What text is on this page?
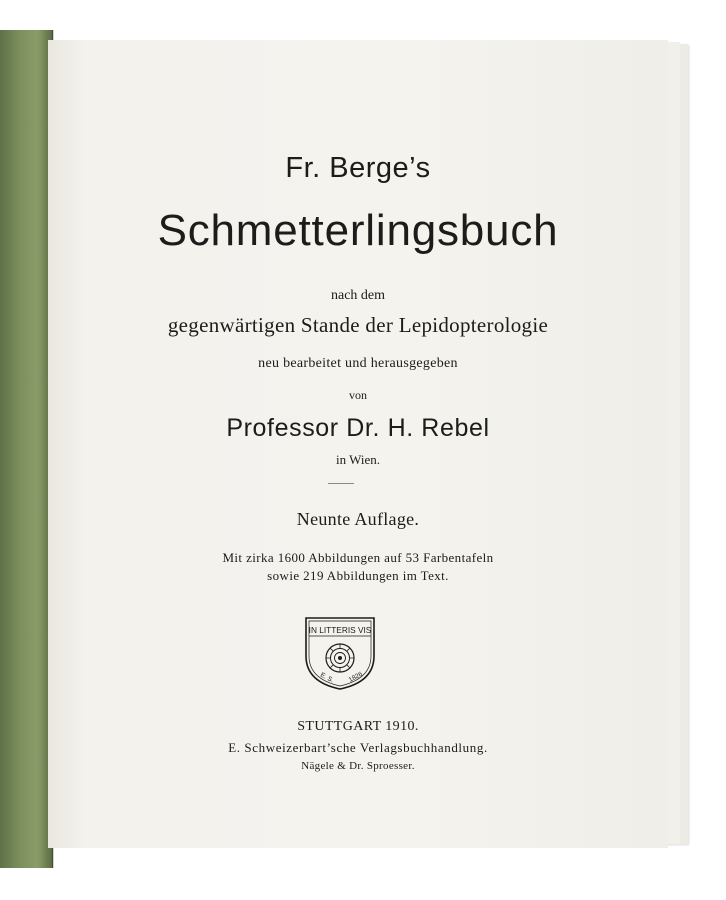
Fr. Berge’s
Schmetterlingsbuch
nach dem
gegenwärtigen Stande der Lepidopterologie
neu bearbeitet und herausgegeben
von
Professor Dr. H. Rebel
in Wien.
Neunte Auflage.
Mit zirka 1600 Abbildungen auf 53 Farbentafeln
sowie 219 Abbildungen im Text.
IN LITTERIS VIS
E. S. 1826
STUTTGART 1910.
E. Schweizerbart’sche Verlagsbuchhandlung.
Nägele & Dr. Sproesser.
